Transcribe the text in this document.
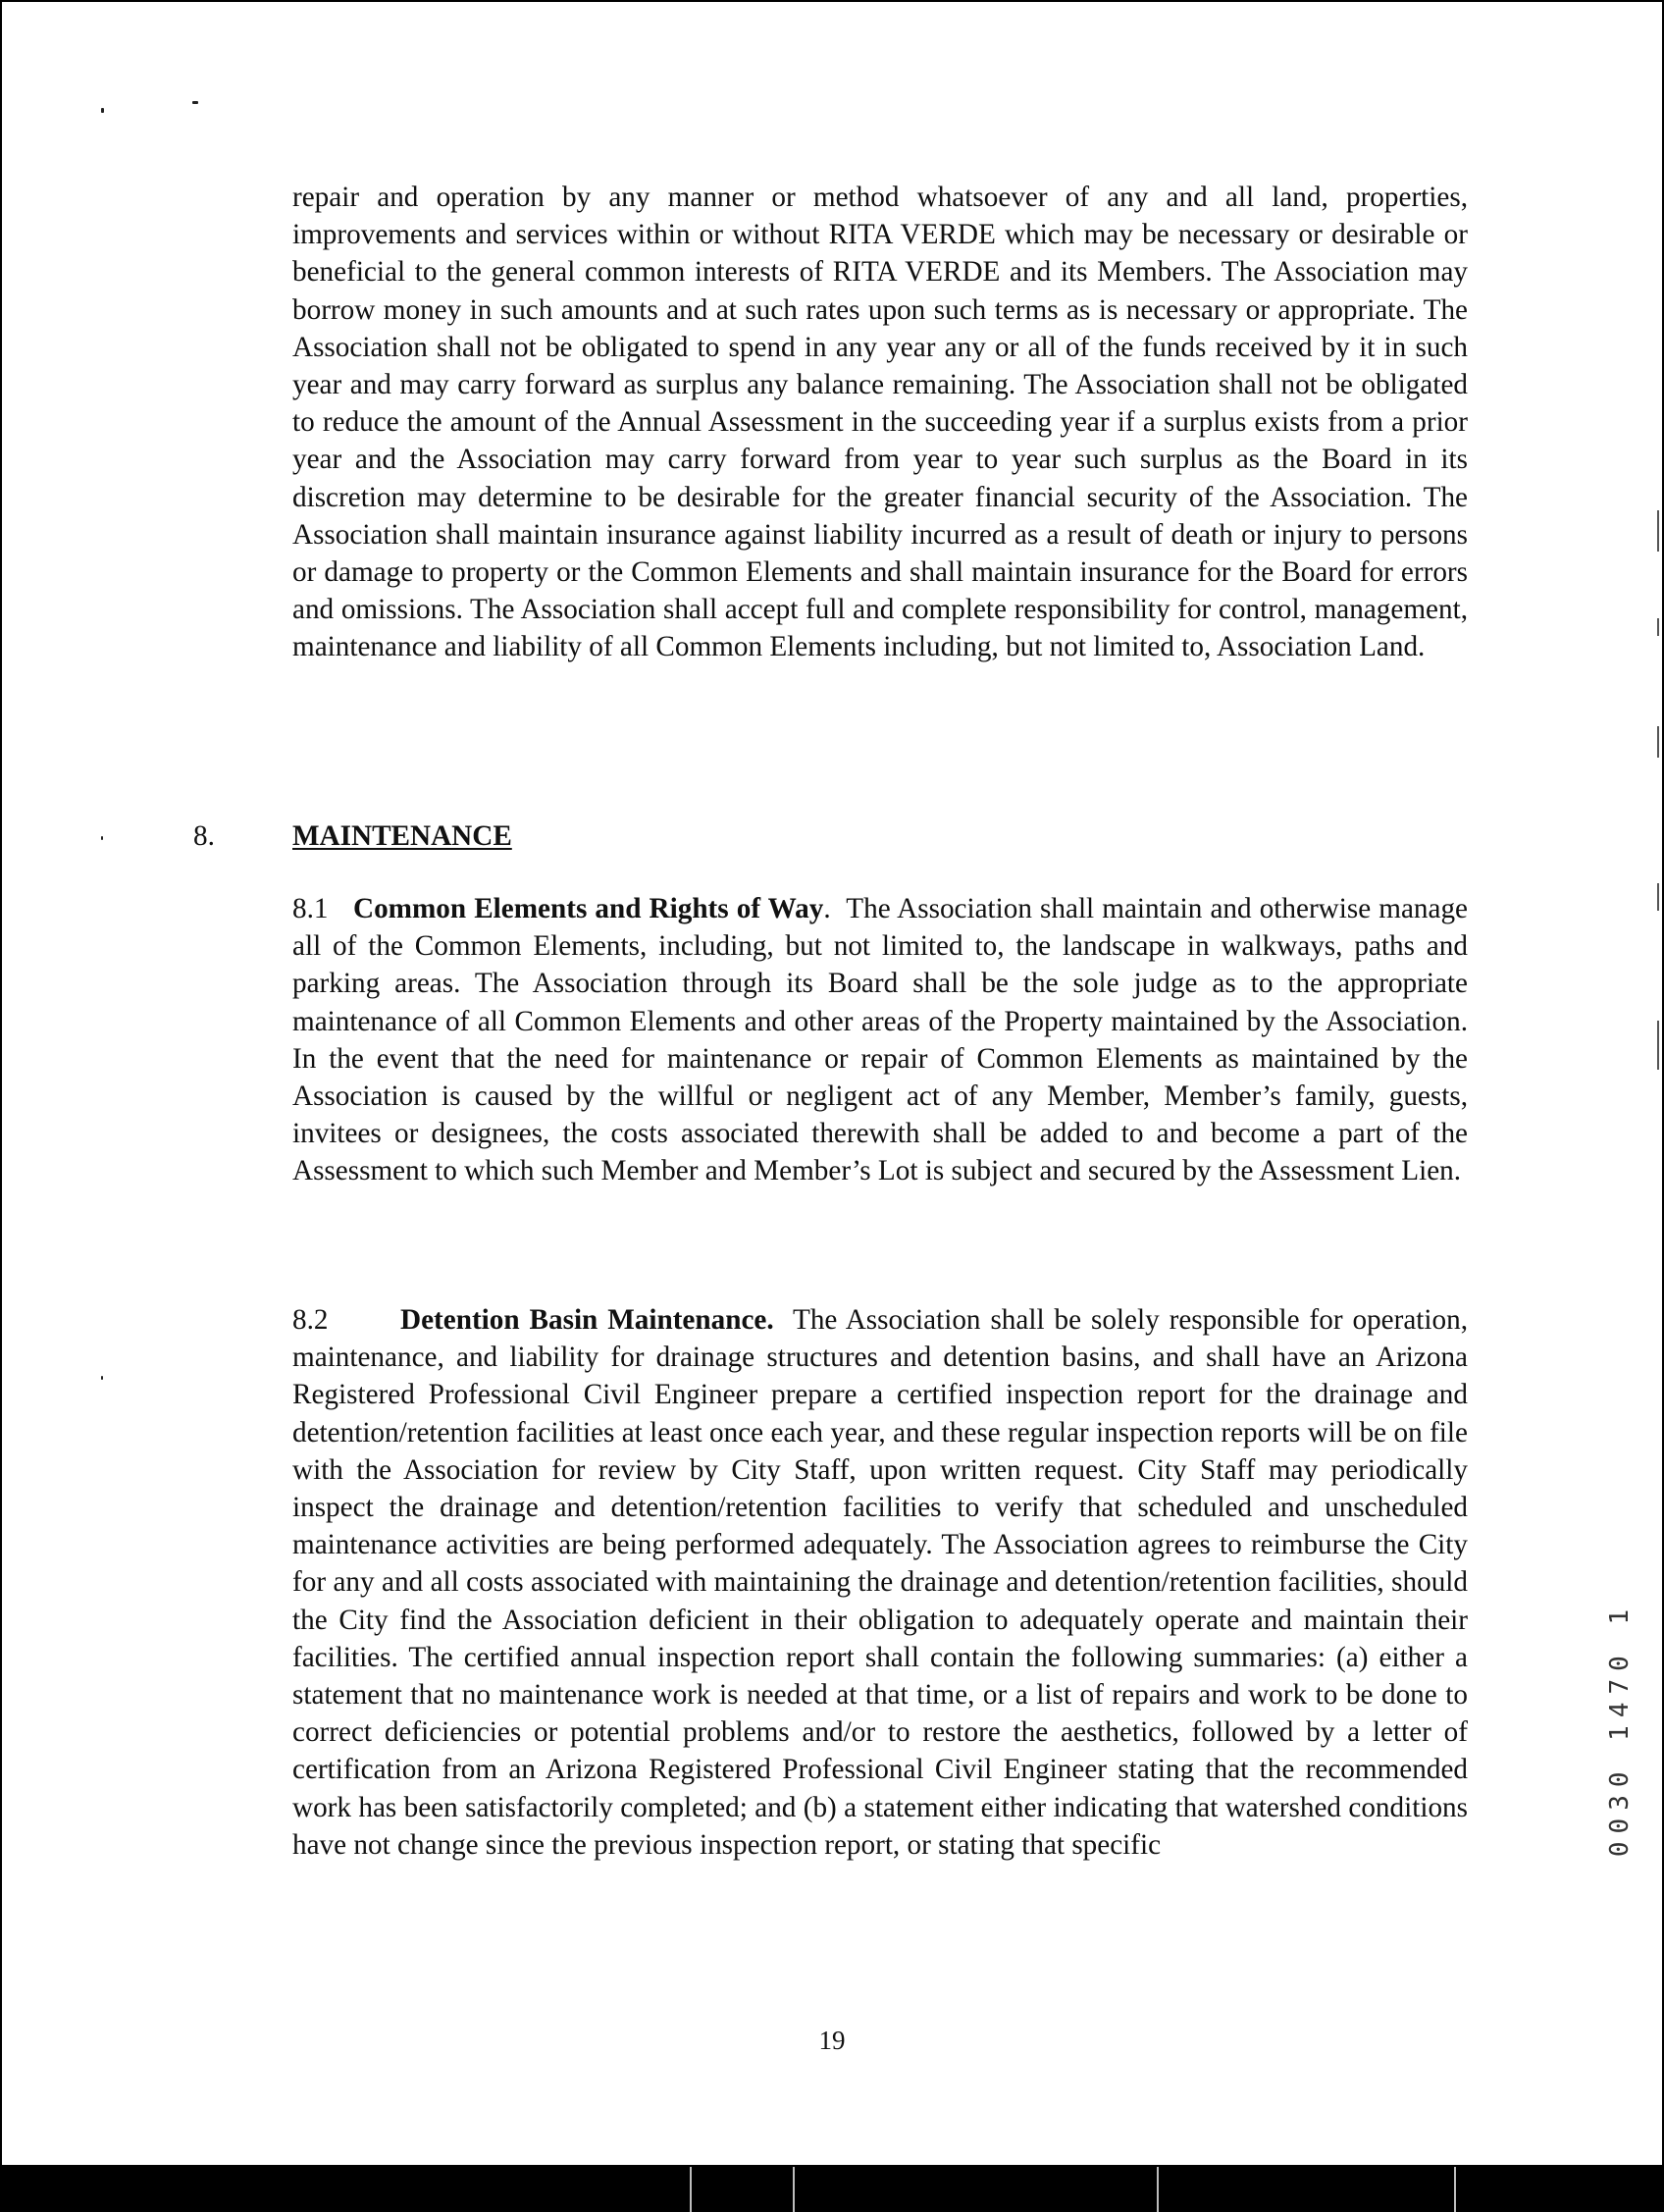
repair and operation by any manner or method whatsoever of any and all land, properties, improvements and services within or without RITA VERDE which may be necessary or desirable or beneficial to the general common interests of RITA VERDE and its Members. The Association may borrow money in such amounts and at such rates upon such terms as is necessary or appropriate. The Association shall not be obligated to spend in any year any or all of the funds received by it in such year and may carry forward as surplus any balance remaining. The Association shall not be obligated to reduce the amount of the Annual Assessment in the succeeding year if a surplus exists from a prior year and the Association may carry forward from year to year such surplus as the Board in its discretion may determine to be desirable for the greater financial security of the Association. The Association shall maintain insurance against liability incurred as a result of death or injury to persons or damage to property or the Common Elements and shall maintain insurance for the Board for errors and omissions. The Association shall accept full and complete responsibility for control, management, maintenance and liability of all Common Elements including, but not limited to, Association Land.

8.	MAINTENANCE

8.1 Common Elements and Rights of Way. The Association shall maintain and otherwise manage all of the Common Elements, including, but not limited to, the landscape in walkways, paths and parking areas. The Association through its Board shall be the sole judge as to the appropriate maintenance of all Common Elements and other areas of the Property maintained by the Association. In the event that the need for maintenance or repair of Common Elements as maintained by the Association is caused by the willful or negligent act of any Member, Member’s family, guests, invitees or designees, the costs associated therewith shall be added to and become a part of the Assessment to which such Member and Member’s Lot is subject and secured by the Assessment Lien.

8.2	Detention Basin Maintenance. The Association shall be solely responsible for operation, maintenance, and liability for drainage structures and detention basins, and shall have an Arizona Registered Professional Civil Engineer prepare a certified inspection report for the drainage and detention/retention facilities at least once each year, and these regular inspection reports will be on file with the Association for review by City Staff, upon written request. City Staff may periodically inspect the drainage and detention/retention facilities to verify that scheduled and unscheduled maintenance activities are being performed adequately. The Association agrees to reimburse the City for any and all costs associated with maintaining the drainage and detention/retention facilities, should the City find the Association deficient in their obligation to adequately operate and maintain their facilities. The certified annual inspection report shall contain the following summaries: (a) either a statement that no maintenance work is needed at that time, or a list of repairs and work to be done to correct deficiencies or potential problems and/or to restore the aesthetics, followed by a letter of certification from an Arizona Registered Professional Civil Engineer stating that the recommended work has been satisfactorily completed; and (b) a statement either indicating that watershed conditions have not change since the previous inspection report, or stating that specific

19
0030 1470 1
